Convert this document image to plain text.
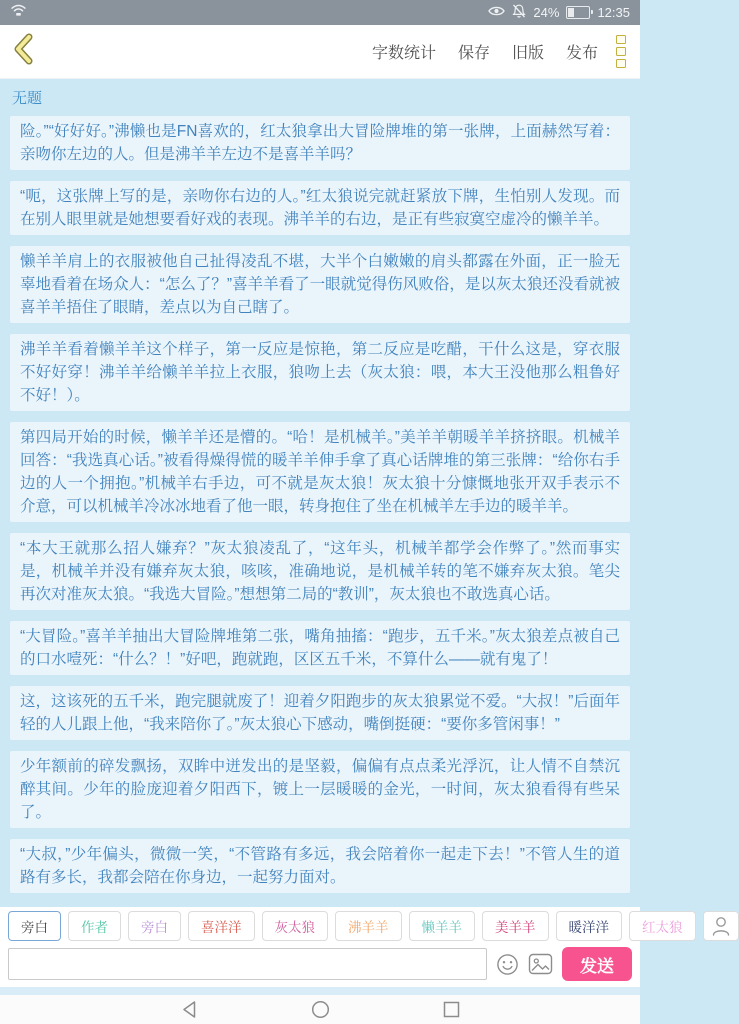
24%	12:35
字数统计 保存 旧版 发布
无题
险。”“好好好。”沸懒也是FN喜欢的，红太狼拿出大冒险牌堆的第一张牌，上面赫然写着：亲吻你左边的人。但是沸羊羊左边不是喜羊羊吗？
“呃，这张牌上写的是，亲吻你右边的人。”红太狼说完就赶紧放下牌，生怕别人发现。而在别人眼里就是她想要看好戏的表现。沸羊羊的右边，是正有些寂寞空虚冷的懒羊羊。
懒羊羊肩上的衣服被他自己扯得凌乱不堪，大半个白嫩嫩的肩头都露在外面，正一脸无辜地看着在场众人：“怎么了？”喜羊羊看了一眼就觉得伤风败俗，是以灰太狼还没看就被喜羊羊捂住了眼睛，差点以为自己瞎了。
沸羊羊看着懒羊羊这个样子，第一反应是惊艳，第二反应是吃醋，干什么这是，穿衣服不好好穿！沸羊羊给懒羊羊拉上衣服，狼吻上去（灰太狼：喂，本大王没他那么粗鲁好不好！）。
第四局开始的时候，懒羊羊还是懵的。“哈！是机械羊。”美羊羊朝暖羊羊挤挤眼。机械羊回答：“我选真心话。”被看得燥得慌的暖羊羊伸手拿了真心话牌堆的第三张牌：“给你右手边的人一个拥抱。”机械羊右手边，可不就是灰太狼！灰太狼十分慷慨地张开双手表示不介意，可以机械羊冷冰冰地看了他一眼，转身抱住了坐在机械羊左手边的暖羊羊。
“本大王就那么招人嫌弃？”灰太狼凌乱了，“这年头，机械羊都学会作弊了。”然而事实是，机械羊并没有嫌弃灰太狼，咳咳，准确地说，是机械羊转的笔不嫌弃灰太狼。笔尖再次对准灰太狼。“我选大冒险。”想想第二局的“教训”，灰太狼也不敢选真心话。
“大冒险。”喜羊羊抽出大冒险牌堆第二张，嘴角抽搐：“跑步，五千米。”灰太狼差点被自己的口水噎死：“什么？！”好吧，跑就跑，区区五千米，不算什么——就有鬼了！
这，这该死的五千米，跑完腿就废了！迎着夕阳跑步的灰太狼累觉不爱。“大叔！”后面年轻的人儿跟上他，“我来陪你了。”灰太狼心下感动，嘴倒挺硬：“要你多管闲事！”
少年额前的碎发飘扬，双眸中迸发出的是坚毅，偏偏有点点柔光浮沉，让人情不自禁沉醉其间。少年的脸庞迎着夕阳西下，镀上一层暖暖的金光，一时间，灰太狼看得有些呆了。
“大叔，”少年偏头，微微一笑，“不管路有多远，我会陪着你一起走下去！”不管人生的道路有多长，我都会陪在你身边，一起努力面对。
旁白	作者	旁白	喜洋洋	灰太狼	沸羊羊	懒羊羊	美羊羊	暖洋洋	红太狼
发送
